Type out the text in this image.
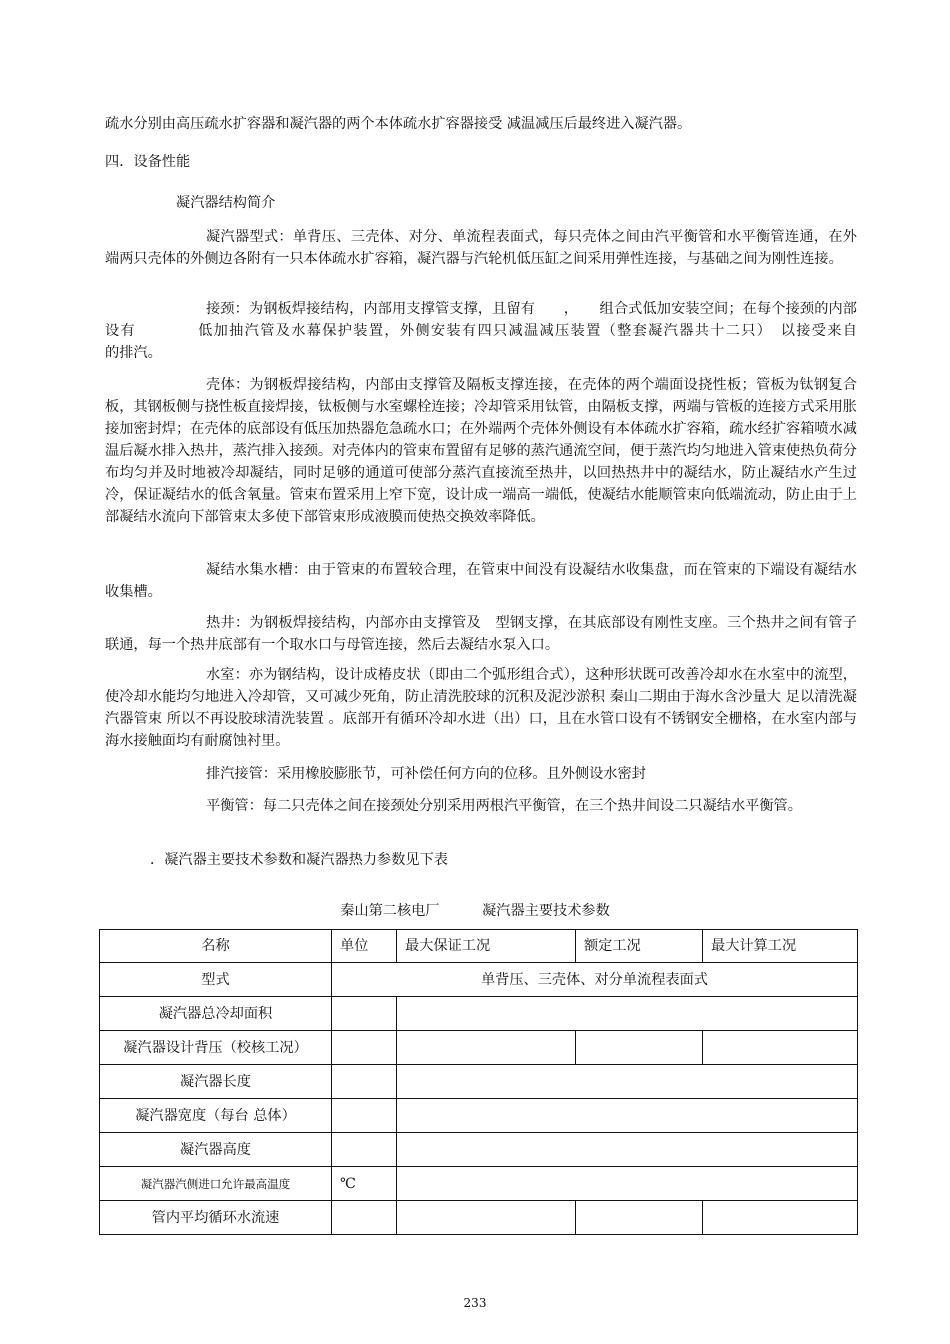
疏水分别由高压疏水扩容器和凝汽器的两个本体疏水扩容器接受 减温减压后最终进入凝汽器。

四．设备性能

凝汽器结构简介

凝汽器型式：单背压、三壳体、对分、单流程表面式，每只壳体之间由汽平衡管和水平衡管连通，在外端两只壳体的外侧边各附有一只本体疏水扩容箱，凝汽器与汽轮机低压缸之间采用弹性连接，与基础之间为刚性连接。

接颈：为钢板焊接结构，内部用支撑管支撑，且留有　　，　　组合式低加安装空间；在每个接颈的内部设有　　　　低加抽汽管及水幕保护装置，外侧安装有四只减温减压装置（整套凝汽器共十二只）　以接受来自　　　　的排汽。

壳体：为钢板焊接结构，内部由支撑管及隔板支撑连接，在壳体的两个端面设挠性板；管板为钛钢复合板，其钢板侧与挠性板直接焊接，钛板侧与水室螺栓连接；冷却管采用钛管，由隔板支撑，两端与管板的连接方式采用胀接加密封焊；在壳体的底部设有低压加热器危急疏水口；在外端两个壳体外侧设有本体疏水扩容箱，疏水经扩容箱喷水减温后凝水排入热井，蒸汽排入接颈。对壳体内的管束布置留有足够的蒸汽通流空间，便于蒸汽均匀地进入管束使热负荷分布均匀并及时地被冷却凝结，同时足够的通道可使部分蒸汽直接流至热井，以回热热井中的凝结水，防止凝结水产生过冷，保证凝结水的低含氧量。管束布置采用上窄下宽，设计成一端高一端低，使凝结水能顺管束向低端流动，防止由于上部凝结水流向下部管束太多使下部管束形成液膜而使热交换效率降低。

凝结水集水槽：由于管束的布置较合理，在管束中间没有设凝结水收集盘，而在管束的下端设有凝结水收集槽。

热井：为钢板焊接结构，内部亦由支撑管及　型钢支撑，在其底部设有刚性支座。三个热井之间有管子联通，每一个热井底部有一个取水口与母管连接，然后去凝结水泵入口。

水室：亦为钢结构，设计成椿皮状（即由二个弧形组合式），这种形状既可改善冷却水在水室中的流型，使冷却水能均匀地进入冷却管，又可减少死角，防止清洗胶球的沉积及泥沙淤积 秦山二期由于海水含沙量大 足以清洗凝汽器管束 所以不再设胶球清洗装置 。底部开有循环冷却水进（出）口，且在水管口设有不锈钢安全栅格，在水室内部与海水接触面均有耐腐蚀衬里。

排汽接管：采用橡胶膨胀节，可补偿任何方向的位移。且外侧设水密封

平衡管：每二只壳体之间在接颈处分别采用两根汽平衡管，在三个热井间设二只凝结水平衡管。

．凝汽器主要技术参数和凝汽器热力参数见下表

秦山第二核电厂　　　凝汽器主要技术参数
名称	单位	最大保证工况	额定工况	最大计算工况
型式	单背压、三壳体、对分单流程表面式			
凝汽器总冷却面积				
凝汽器设计背压（校核工况）				
凝汽器长度				
凝汽器宽度（每台 总体）				
凝汽器高度				
凝汽器汽侧进口允许最高温度	℃			
管内平均循环水流速				
233
